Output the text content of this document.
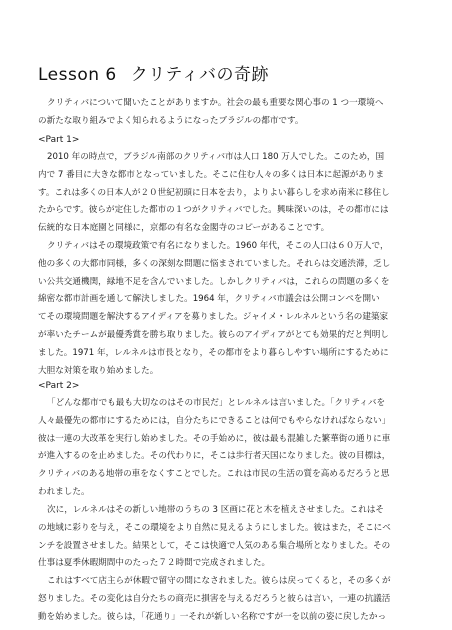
Lesson 6 クリティバの奇跡
クリティバについて聞いたことがありますか。社会の最も重要な関心事の 1 つ一環境へ
の新たな取り組みでよく知られるようになったブラジルの都市です。
<Part 1>
2010 年の時点で，ブラジル南部のクリティバ市は人口 180 万人でした。このため，国
内で 7 番目に大きな都市となっていました。そこに住む人々の多くは日本に起源がありま
す。これは多くの日本人が２０世紀初頭に日本を去り，よりよい暮らしを求め南米に移住し
たからです。彼らが定住した都市の１つがクリティバでした。興味深いのは，その都市には
伝統的な日本庭園と同様に，京都の有名な金閣寺のコピーがあることです。
クリティバはその環境政策で有名になりました。1960 年代，そこの人口は６０万人で，
他の多くの大都市同様，多くの深刻な問題に悩まされていました。それらは交通渋滞，乏し
い公共交通機関，緑地不足を含んでいました。しかしクリティバは，これらの問題の多くを
綿密な都市計画を通して解決しました。1964 年，クリティバ市議会は公開コンペを開い
てその環境問題を解決するアイディアを募りました。ジャイメ・レルネルという名の建築家
が率いたチームが最優秀賞を勝ち取りました。彼らのアイディアがとても効果的だと判明し
ました。1971 年，レルネルは市長となり，その都市をより暮らしやすい場所にするために
大胆な対策を取り始めました。
<Part 2>
「どんな都市でも最も大切なのはその市民だ」とレルネルは言いました。「クリティバを
人々最優先の都市にするためには，自分たちにできることは何でもやらなければならない」
彼は一連の大改革を実行し始めました。その手始めに，彼は最も混雑した繁華街の通りに車
が進入するのを止めました。その代わりに，そこは歩行者天国になりました。彼の目標は，
クリティバのある地帯の車をなくすことでした。これは市民の生活の質を高めるだろうと思
われました。
次に，レルネルはその新しい地帯のうちの 3 区画に花と木を植えさせました。これはそ
の地域に彩りを与え，そこの環境をより自然に見えるようにしました。彼はまた，そこにベ
ンチを設置させました。結果として，そこは快適で人気のある集合場所となりました。その
仕事は夏季休暇期間中のたった７２時間で完成されました。
これはすべて店主らが休暇で留守の間になされました。彼らは戻ってくると，その多くが
怒りました。その変化は自分たちの商売に損害を与えるだろうと彼らは言い，一連の抗議活
動を始めました。彼らは，「花通り」一それが新しい名称ですが一を以前の姿に戻したかっ
